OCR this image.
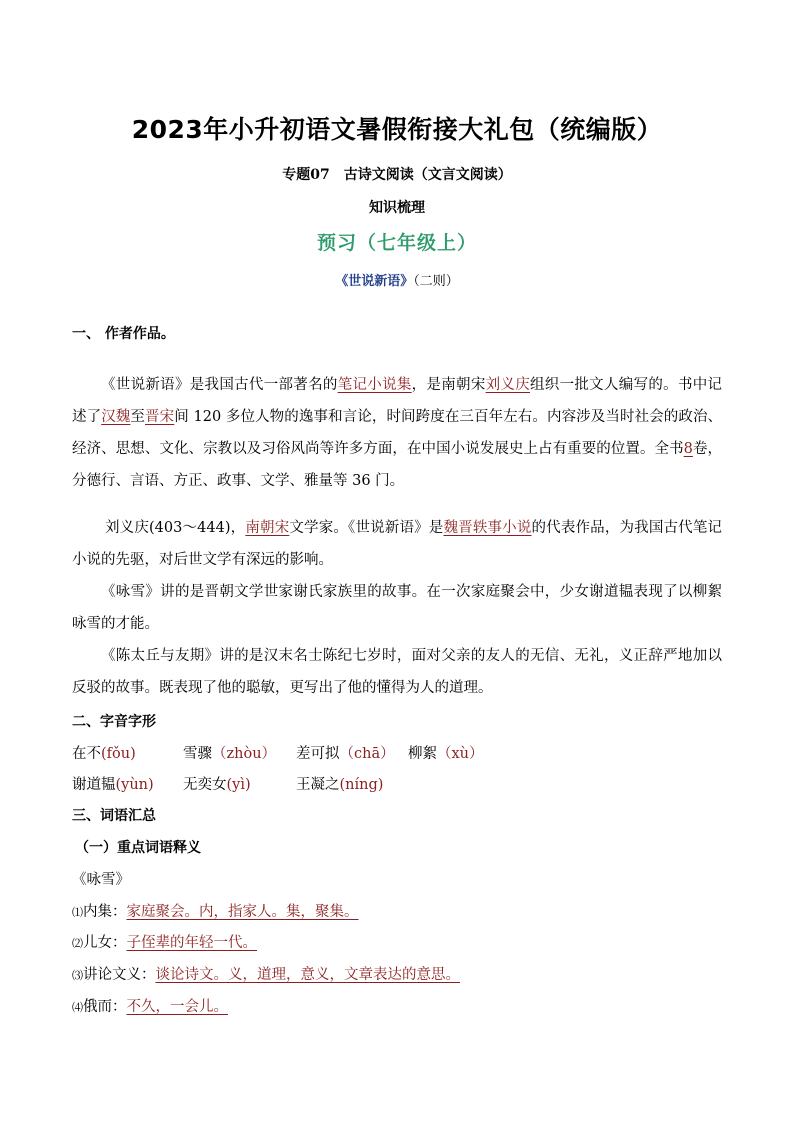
2023年小升初语文暑假衔接大礼包（统编版）
专题07　古诗文阅读（文言文阅读）
知识梳理
预习（七年级上）
《世说新语》（二则）
一、 作者作品。
《世说新语》是我国古代一部著名的笔记小说集，是南朝宋刘义庆组织一批文人编写的。书中记述了汉魏至晋宋间 120 多位人物的逸事和言论，时间跨度在三百年左右。内容涉及当时社会的政治、经济、思想、文化、宗教以及习俗风尚等许多方面，在中国小说发展史上占有重要的位置。全书8卷，分德行、言语、方正、政事、文学、雅量等 36 门。
刘义庆(403～444)，南朝宋文学家。《世说新语》是魏晋轶事小说的代表作品，为我国古代笔记小说的先驱，对后世文学有深远的影响。
《咏雪》讲的是晋朝文学世家谢氏家族里的故事。在一次家庭聚会中，少女谢道韫表现了以柳絮咏雪的才能。
《陈太丘与友期》讲的是汉末名士陈纪七岁时，面对父亲的友人的无信、无礼，义正辞严地加以反驳的故事。既表现了他的聪敏，更写出了他的懂得为人的道理。
二、字音字形
在不(fǒu)	雪骤（zhòu） 差可拟（chā） 柳絮（xù）
谢道韫(yùn) 无奕女(yì)	王凝之(níng)
三、词语汇总
（一）重点词语释义
《咏雪》
⑴内集：家庭聚会。内，指家人。集，聚集。
⑵儿女：子侄辈的年轻一代。
⑶讲论文义：谈论诗文。义，道理，意义，文章表达的意思。
⑷俄而：不久，一会儿。
